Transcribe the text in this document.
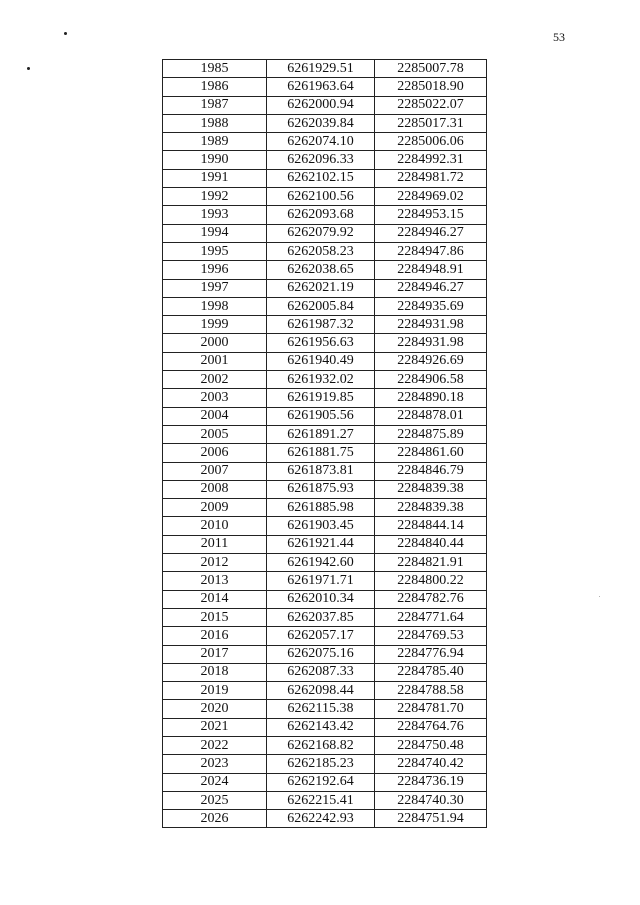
53
1985	6261929.51	2285007.78
1986	6261963.64	2285018.90
1987	6262000.94	2285022.07
1988	6262039.84	2285017.31
1989	6262074.10	2285006.06
1990	6262096.33	2284992.31
1991	6262102.15	2284981.72
1992	6262100.56	2284969.02
1993	6262093.68	2284953.15
1994	6262079.92	2284946.27
1995	6262058.23	2284947.86
1996	6262038.65	2284948.91
1997	6262021.19	2284946.27
1998	6262005.84	2284935.69
1999	6261987.32	2284931.98
2000	6261956.63	2284931.98
2001	6261940.49	2284926.69
2002	6261932.02	2284906.58
2003	6261919.85	2284890.18
2004	6261905.56	2284878.01
2005	6261891.27	2284875.89
2006	6261881.75	2284861.60
2007	6261873.81	2284846.79
2008	6261875.93	2284839.38
2009	6261885.98	2284839.38
2010	6261903.45	2284844.14
2011	6261921.44	2284840.44
2012	6261942.60	2284821.91
2013	6261971.71	2284800.22
2014	6262010.34	2284782.76
2015	6262037.85	2284771.64
2016	6262057.17	2284769.53
2017	6262075.16	2284776.94
2018	6262087.33	2284785.40
2019	6262098.44	2284788.58
2020	6262115.38	2284781.70
2021	6262143.42	2284764.76
2022	6262168.82	2284750.48
2023	6262185.23	2284740.42
2024	6262192.64	2284736.19
2025	6262215.41	2284740.30
2026	6262242.93	2284751.94
